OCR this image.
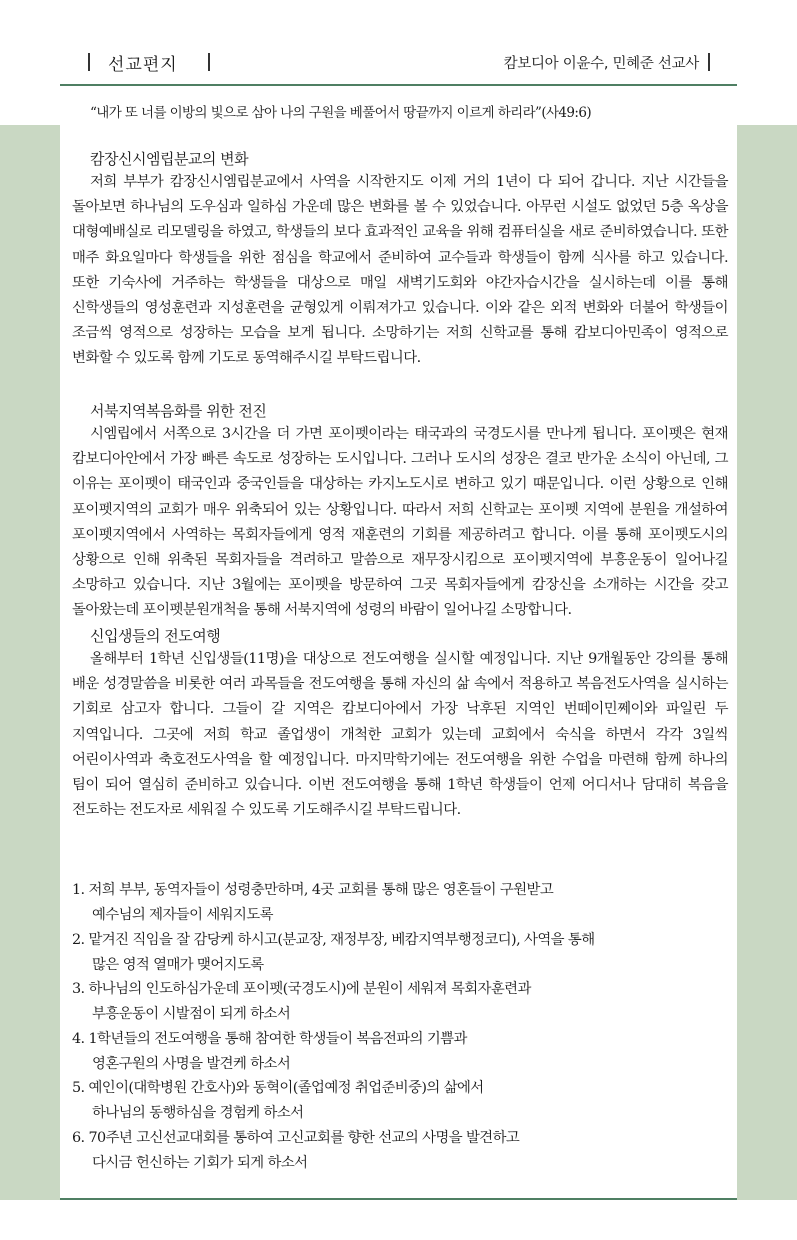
선교편지	캄보디아 이윤수, 민혜준 선교사
“내가 또 너를 이방의 빛으로 삼아 나의 구원을 베풀어서 땅끝까지 이르게 하리라”(사49:6)
캄장신시엠립분교의 변화

저희 부부가 캄장신시엠립분교에서 사역을 시작한지도 이제 거의 1년이 다 되어 갑니다. 지난 시간들을 돌아보면 하나님의 도우심과 일하심 가운데 많은 변화를 볼 수 있었습니다. 아무런 시설도 없었던 5층 옥상을 대형예배실로 리모델링을 하였고, 학생들의 보다 효과적인 교육을 위해 컴퓨터실을 새로 준비하였습니다. 또한 매주 화요일마다 학생들을 위한 점심을 학교에서 준비하여 교수들과 학생들이 함께 식사를 하고 있습니다. 또한 기숙사에 거주하는 학생들을 대상으로 매일 새벽기도회와 야간자습시간을 실시하는데 이를 통해 신학생들의 영성훈련과 지성훈련을 균형있게 이뤄져가고 있습니다. 이와 같은 외적 변화와 더불어 학생들이 조금씩 영적으로 성장하는 모습을 보게 됩니다. 소망하기는 저희 신학교를 통해 캄보디아민족이 영적으로 변화할 수 있도록 함께 기도로 동역해주시길 부탁드립니다.

서북지역복음화를 위한 전진

시엠립에서 서쪽으로 3시간을 더 가면 포이펫이라는 태국과의 국경도시를 만나게 됩니다. 포이펫은 현재 캄보디아안에서 가장 빠른 속도로 성장하는 도시입니다. 그러나 도시의 성장은 결코 반가운 소식이 아닌데, 그 이유는 포이펫이 태국인과 중국인들을 대상하는 카지노도시로 변하고 있기 때문입니다. 이런 상황으로 인해 포이펫지역의 교회가 매우 위축되어 있는 상황입니다. 따라서 저희 신학교는 포이펫 지역에 분원을 개설하여 포이펫지역에서 사역하는 목회자들에게 영적 재훈련의 기회를 제공하려고 합니다. 이를 통해 포이펫도시의 상황으로 인해 위축된 목회자들을 격려하고 말씀으로 재무장시킴으로 포이펫지역에 부흥운동이 일어나길 소망하고 있습니다. 지난 3월에는 포이펫을 방문하여 그곳 목회자들에게 캄장신을 소개하는 시간을 갖고 돌아왔는데 포이펫분원개척을 통해 서북지역에 성령의 바람이 일어나길 소망합니다.

신입생들의 전도여행

올해부터 1학년 신입생들(11명)을 대상으로 전도여행을 실시할 예정입니다. 지난 9개월동안 강의를 통해 배운 성경말씀을 비롯한 여러 과목들을 전도여행을 통해 자신의 삶 속에서 적용하고 복음전도사역을 실시하는 기회로 삼고자 합니다. 그들이 갈 지역은 캄보디아에서 가장 낙후된 지역인 번떼이민쩨이와 파일린 두 지역입니다. 그곳에 저희 학교 졸업생이 개척한 교회가 있는데 교회에서 숙식을 하면서 각각 3일씩 어린이사역과 축호전도사역을 할 예정입니다. 마지막학기에는 전도여행을 위한 수업을 마련해 함께 하나의 팀이 되어 열심히 준비하고 있습니다. 이번 전도여행을 통해 1학년 학생들이 언제 어디서나 담대히 복음을 전도하는 전도자로 세워질 수 있도록 기도해주시길 부탁드립니다.

1. 저희 부부, 동역자들이 성령충만하며, 4곳 교회를 통해 많은 영혼들이 구원받고
예수님의 제자들이 세워지도록
2. 맡겨진 직임을 잘 감당케 하시고(분교장, 재정부장, 베캄지역부행정코디), 사역을 통해
많은 영적 열매가 맺어지도록
3. 하나님의 인도하심가운데 포이펫(국경도시)에 분원이 세워져 목회자훈련과
부흥운동이 시발점이 되게 하소서
4. 1학년들의 전도여행을 통해 참여한 학생들이 복음전파의 기쁨과
영혼구원의 사명을 발견케 하소서
5. 예인이(대학병원 간호사)와 동혁이(졸업예정 취업준비중)의 삶에서
하나님의 동행하심을 경험케 하소서
6. 70주년 고신선교대회를 통하여 고신교회를 향한 선교의 사명을 발견하고
다시금 헌신하는 기회가 되게 하소서
